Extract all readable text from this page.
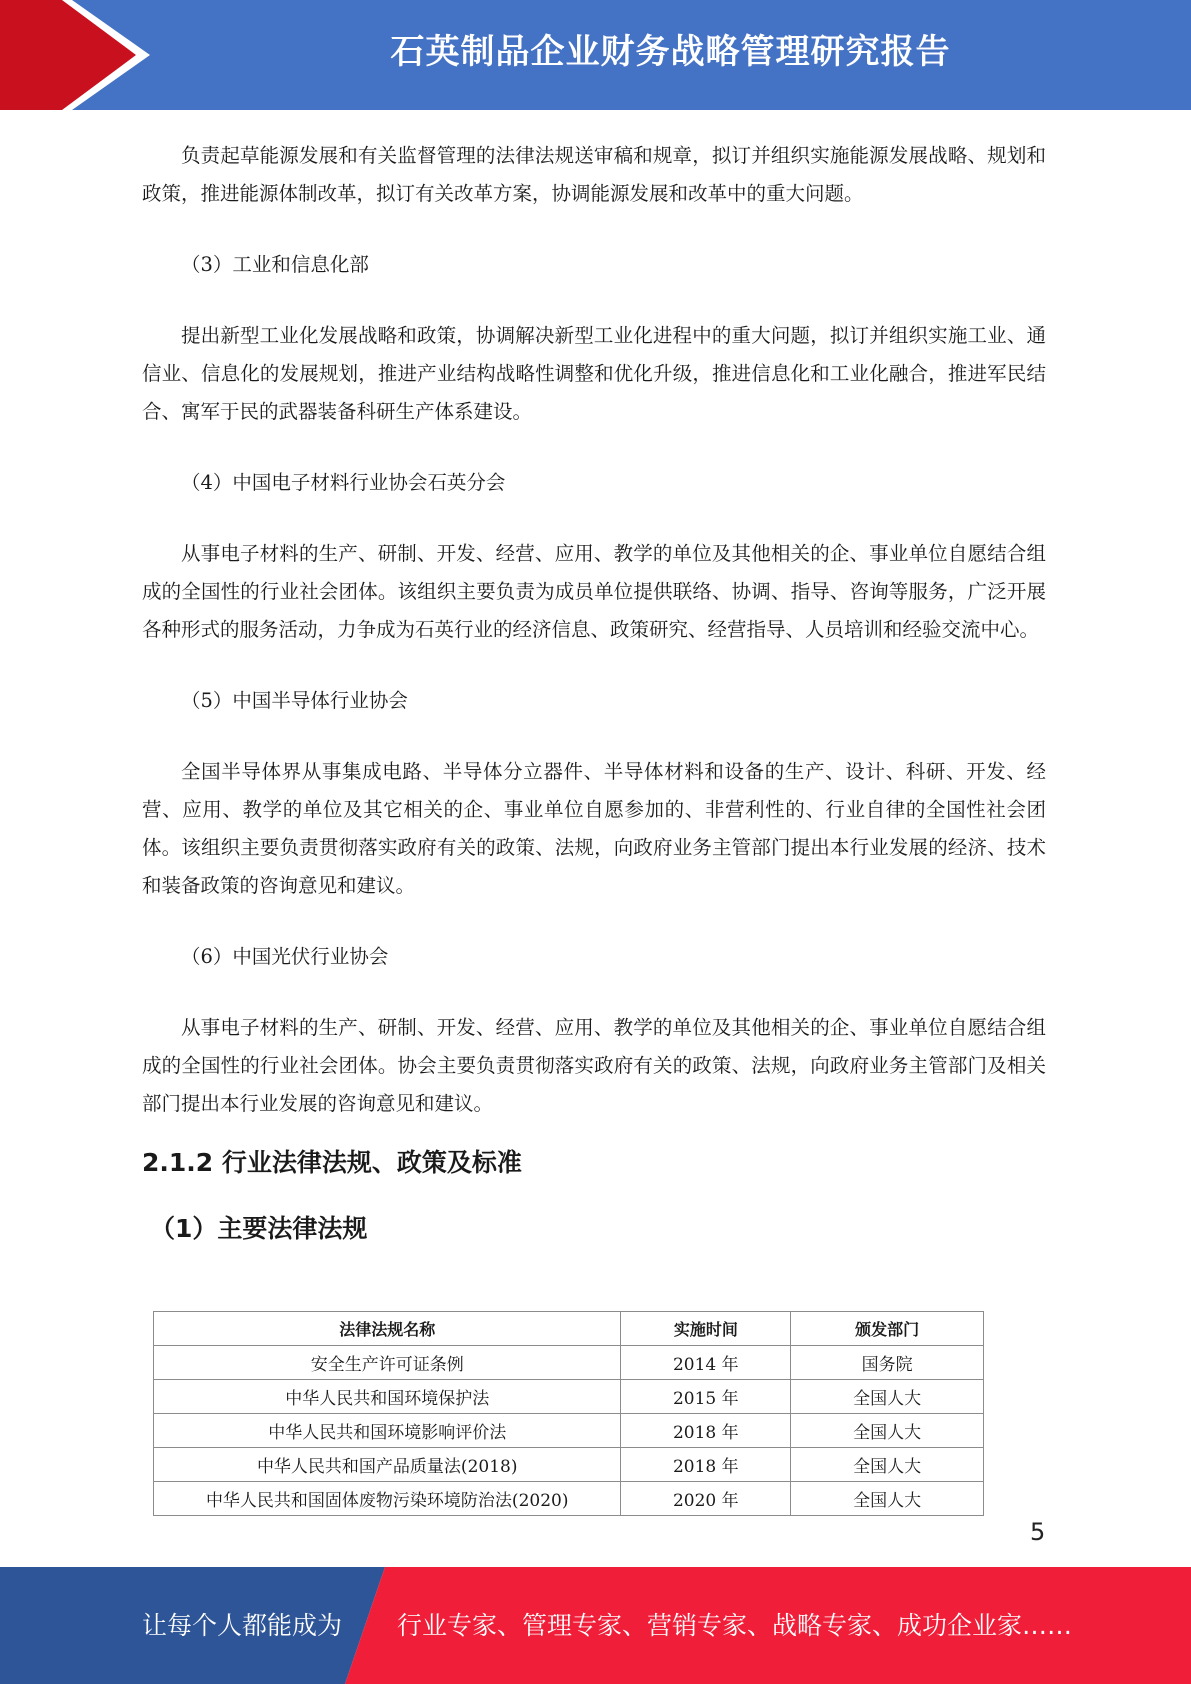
石英制品企业财务战略管理研究报告

负责起草能源发展和有关监督管理的法律法规送审稿和规章，拟订并组织实施能源发展战略、规划和政策，推进能源体制改革，拟订有关改革方案，协调能源发展和改革中的重大问题。

（3）工业和信息化部

提出新型工业化发展战略和政策，协调解决新型工业化进程中的重大问题，拟订并组织实施工业、通信业、信息化的发展规划，推进产业结构战略性调整和优化升级，推进信息化和工业化融合，推进军民结合、寓军于民的武器装备科研生产体系建设。

（4）中国电子材料行业协会石英分会

从事电子材料的生产、研制、开发、经营、应用、教学的单位及其他相关的企、事业单位自愿结合组成的全国性的行业社会团体。该组织主要负责为成员单位提供联络、协调、指导、咨询等服务，广泛开展各种形式的服务活动，力争成为石英行业的经济信息、政策研究、经营指导、人员培训和经验交流中心。

（5）中国半导体行业协会

全国半导体界从事集成电路、半导体分立器件、半导体材料和设备的生产、设计、科研、开发、经营、应用、教学的单位及其它相关的企、事业单位自愿参加的、非营利性的、行业自律的全国性社会团体。该组织主要负责贯彻落实政府有关的政策、法规，向政府业务主管部门提出本行业发展的经济、技术和装备政策的咨询意见和建议。

（6）中国光伏行业协会

从事电子材料的生产、研制、开发、经营、应用、教学的单位及其他相关的企、事业单位自愿结合组成的全国性的行业社会团体。协会主要负责贯彻落实政府有关的政策、法规，向政府业务主管部门及相关部门提出本行业发展的咨询意见和建议。

2.1.2 行业法律法规、政策及标准
（1）主要法律法规
法律法规名称	实施时间	颁发部门
安全生产许可证条例	2014 年	国务院
中华人民共和国环境保护法	2015 年	全国人大
中华人民共和国环境影响评价法	2018 年	全国人大
中华人民共和国产品质量法(2018)	2018 年	全国人大
中华人民共和国固体废物污染环境防治法(2020)	2020 年	全国人大
5
让每个人都能成为 行业专家、管理专家、营销专家、战略专家、成功企业家……
